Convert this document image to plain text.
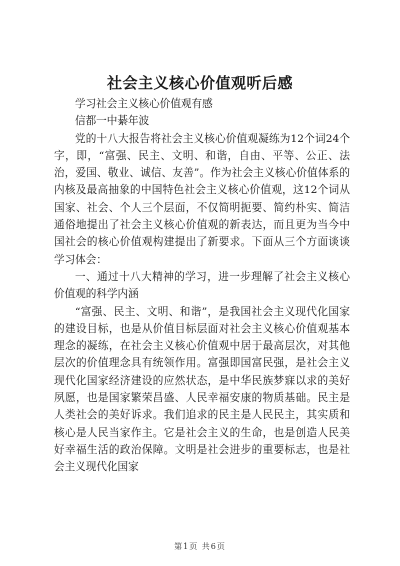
社会主义核心价值观听后感

学习社会主义核心价值观有感

信都一中綦年波

党的十八大报告将社会主义核心价值观凝练为12个词24个字，即，“富强、民主、文明、和谐，自由、平等、公正、法治，爱国、敬业、诚信、友善”。作为社会主义核心价值体系的内核及最高抽象的中国特色社会主义核心价值观，这12个词从国家、社会、个人三个层面，不仅简明扼要、简约朴实、简洁通俗地提出了社会主义核心价值观的新表达，而且更为当今中国社会的核心价值观构建提出了新要求。下面从三个方面谈谈学习体会：

一、通过十八大精神的学习，进一步理解了社会主义核心价值观的科学内涵

“富强、民主、文明、和谐”，是我国社会主义现代化国家的建设目标，也是从价值目标层面对社会主义核心价值观基本理念的凝练，在社会主义核心价值观中居于最高层次，对其他层次的价值理念具有统领作用。富强即国富民强，是社会主义现代化国家经济建设的应然状态，是中华民族梦寐以求的美好夙愿，也是国家繁荣昌盛、人民幸福安康的物质基础。民主是人类社会的美好诉求。我们追求的民主是人民民主，其实质和核心是人民当家作主。它是社会主义的生命，也是创造人民美好幸福生活的政治保障。文明是社会进步的重要标志，也是社会主义现代化国家

第1页 共6页
